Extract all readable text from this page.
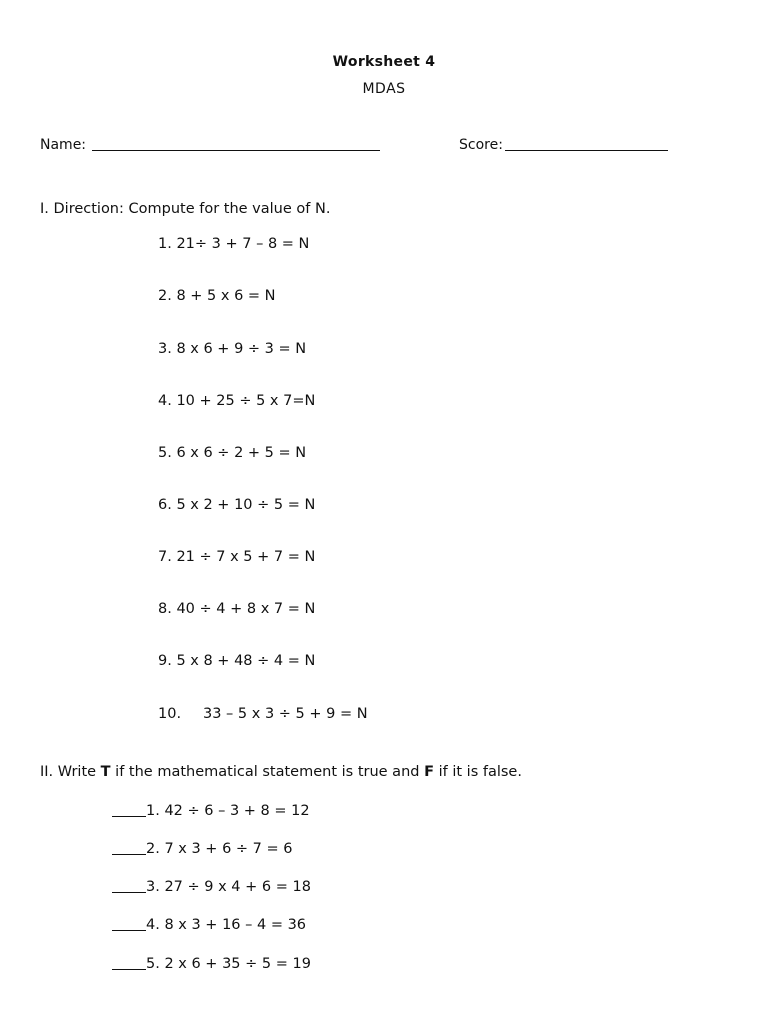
Worksheet 4
MDAS
Name:	Score:
I. Direction: Compute for the value of N.
1. 21÷ 3 + 7 – 8 = N
2. 8 + 5 x 6 = N
3. 8 x 6 + 9 ÷ 3 = N
4. 10 + 25 ÷ 5 x 7=N
5. 6 x 6 ÷ 2 + 5 = N
6. 5 x 2 + 10 ÷ 5 = N
7. 21 ÷ 7 x 5 + 7 = N
8. 40 ÷ 4 + 8 x 7 = N
9. 5 x 8 + 48 ÷ 4 = N
10. 33 – 5 x 3 ÷ 5 + 9 = N
II. Write T if the mathematical statement is true and F if it is false.
1. 42 ÷ 6 – 3 + 8 = 12
2. 7 x 3 + 6 ÷ 7 = 6
3. 27 ÷ 9 x 4 + 6 = 18
4. 8 x 3 + 16 – 4 = 36
5. 2 x 6 + 35 ÷ 5 = 19
